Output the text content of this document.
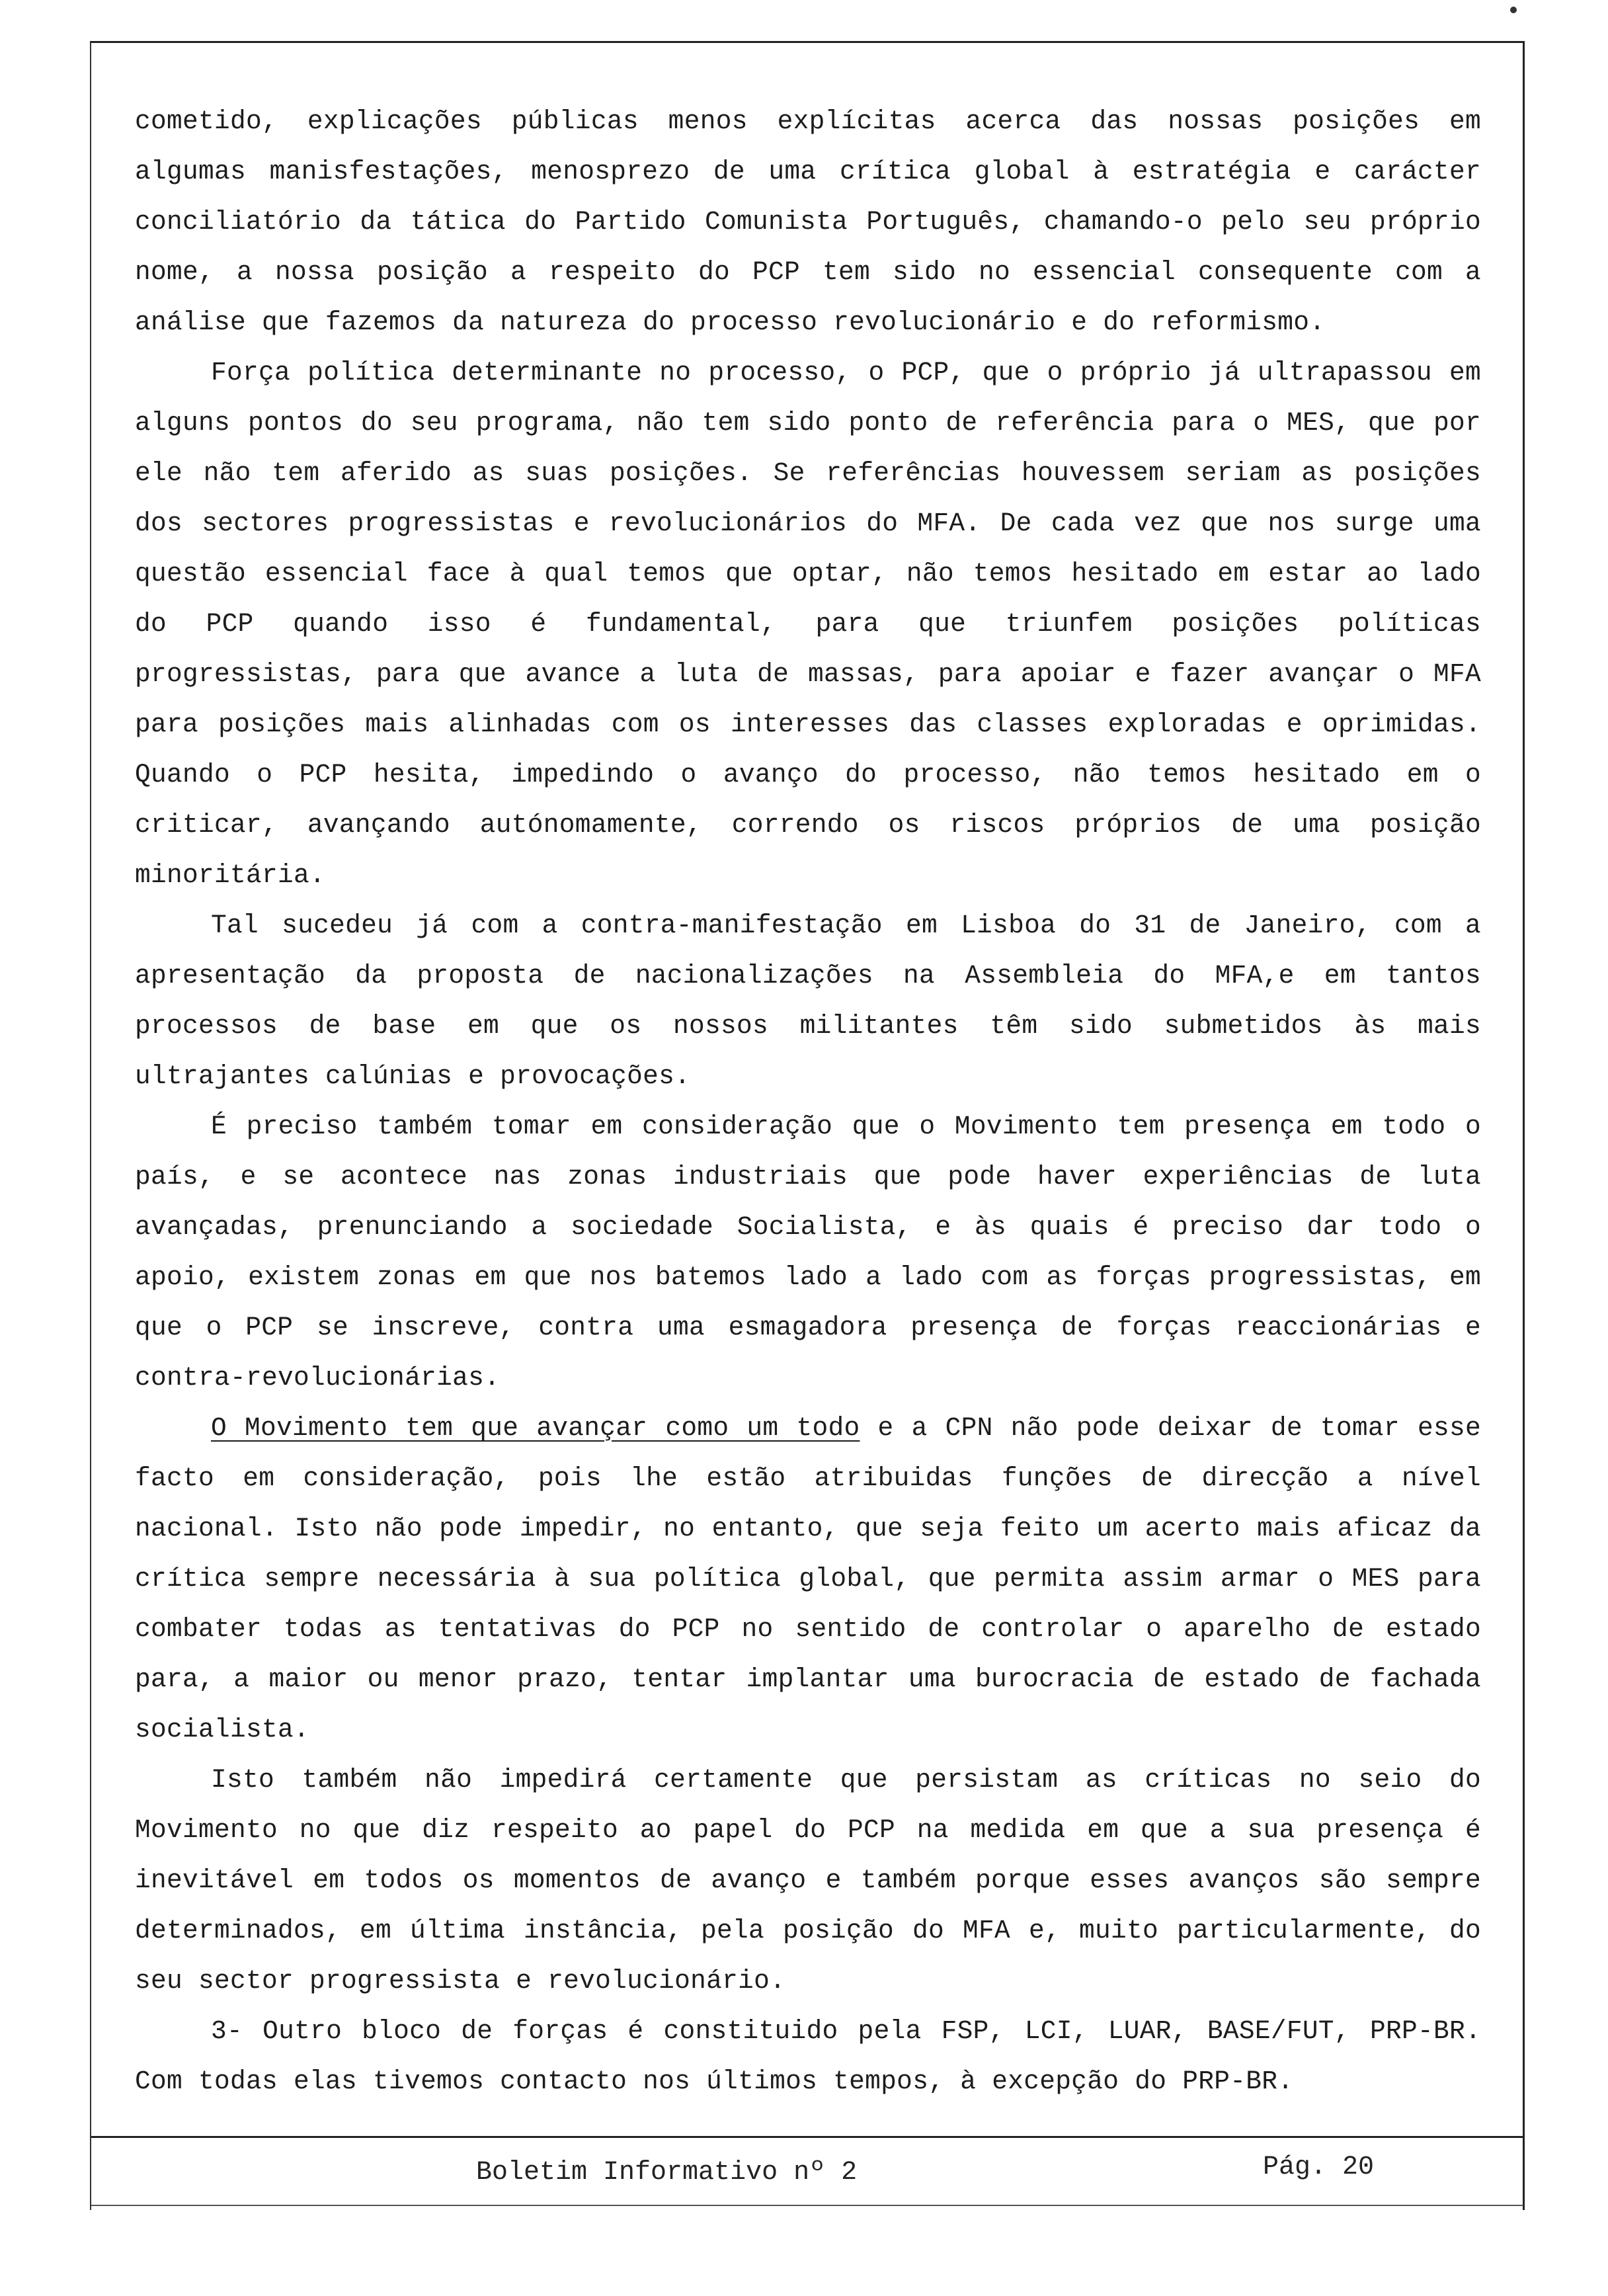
cometido, explicações públicas menos explícitas acerca das nossas posições em algumas manisfestações, menosprezo de uma crítica global à estratégia e carácter conciliatório da tática do Partido Comunista Português, chamando-o pelo seu próprio nome, a nossa posição a respeito do PCP tem sido no essencial consequente com a análise que fazemos da natureza do processo revolucionário e do reformismo.

Força política determinante no processo, o PCP, que o próprio já ultrapassou em alguns pontos do seu programa, não tem sido ponto de referência para o MES, que por ele não tem aferido as suas posições. Se referências houvessem seriam as posições dos sectores progressistas e revolucionários do MFA. De cada vez que nos surge uma questão essencial face à qual temos que optar, não temos hesitado em estar ao lado do PCP quando isso é fundamental, para que triunfem posições políticas progressistas, para que avance a luta de massas, para apoiar e fazer avançar o MFA para posições mais alinhadas com os interesses das classes exploradas e oprimidas. Quando o PCP hesita, impedindo o avanço do processo, não temos hesitado em o criticar, avançando autónomamente, correndo os riscos próprios de uma posição minoritária.

Tal sucedeu já com a contra-manifestação em Lisboa do 31 de Janeiro, com a apresentação da proposta de nacionalizações na Assembleia do MFA,e em tantos processos de base em que os nossos militantes têm sido submetidos às mais ultrajantes calúnias e provocações.

É preciso também tomar em consideração que o Movimento tem presença em todo o país, e se acontece nas zonas industriais que pode haver experiências de luta avançadas, prenunciando a sociedade Socialista, e às quais é preciso dar todo o apoio, existem zonas em que nos batemos lado a lado com as forças progressistas, em que o PCP se inscreve, contra uma esmagadora presença de forças reaccionárias e contra-revolucionárias.

O Movimento tem que avançar como um todo e a CPN não pode deixar de tomar esse facto em consideração, pois lhe estão atribuidas funções de direcção a nível nacional. Isto não pode impedir, no entanto, que seja feito um acerto mais aficaz da crítica sempre necessária à sua política global, que permita assim armar o MES para combater todas as tentativas do PCP no sentido de controlar o aparelho de estado para, a maior ou menor prazo, tentar implantar uma burocracia de estado de fachada socialista.

Isto também não impedirá certamente que persistam as críticas no seio do Movimento no que diz respeito ao papel do PCP na medida em que a sua presença é inevitável em todos os momentos de avanço e também porque esses avanços são sempre determinados, em última instância, pela posição do MFA e, muito particularmente, do seu sector progressista e revolucionário.

3- Outro bloco de forças é constituido pela FSP, LCI, LUAR, BASE/FUT, PRP-BR. Com todas elas tivemos contacto nos últimos tempos, à excepção do PRP-BR.

Boletim Informativo nº 2	Pág. 20
